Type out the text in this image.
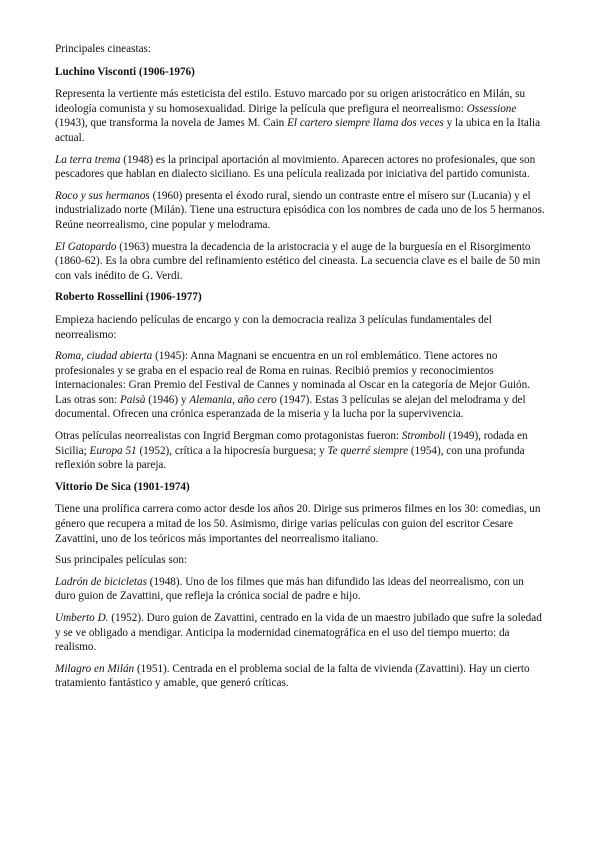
Principales cineastas:

Luchino Visconti (1906-1976)

Representa la vertiente más esteticista del estilo. Estuvo marcado por su origen aristocrático en Milán, su ideología comunista y su homosexualidad. Dirige la película que prefigura el neorrealismo: Ossessione (1943), que transforma la novela de James M. Cain El cartero siempre llama dos veces y la ubica en la Italia actual.

La terra trema (1948) es la principal aportación al movimiento. Aparecen actores no profesionales, que son pescadores que hablan en dialecto siciliano. Es una película realizada por iniciativa del partido comunista.

Roco y sus hermanos (1960) presenta el éxodo rural, siendo un contraste entre el mísero sur (Lucania) y el industrializado norte (Milán). Tiene una estructura episódica con los nombres de cada uno de los 5 hermanos. Reúne neorrealismo, cine popular y melodrama.

El Gatopardo (1963) muestra la decadencia de la aristocracia y el auge de la burguesía en el Risorgimento (1860-62). Es la obra cumbre del refinamiento estético del cineasta. La secuencia clave es el baile de 50 min con vals inédito de G. Verdi.

Roberto Rossellini (1906-1977)

Empieza haciendo películas de encargo y con la democracia realiza 3 películas fundamentales del neorrealismo:

Roma, ciudad abierta (1945): Anna Magnani se encuentra en un rol emblemático. Tiene actores no profesionales y se graba en el espacio real de Roma en ruinas. Recibió premios y reconocimientos internacionales: Gran Premio del Festival de Cannes y nominada al Oscar en la categoría de Mejor Guión. Las otras son: Paisà (1946) y Alemania, año cero (1947). Estas 3 películas se alejan del melodrama y del documental. Ofrecen una crónica esperanzada de la miseria y la lucha por la supervivencia.

Otras películas neorrealistas con Ingrid Bergman como protagonistas fueron: Stromboli (1949), rodada en Sicilia; Europa 51 (1952), crítica a la hipocresía burguesa; y Te querré siempre (1954), con una profunda reflexión sobre la pareja.

Vittorio De Sica (1901-1974)

Tiene una prolífica carrera como actor desde los años 20. Dirige sus primeros filmes en los 30: comedias, un género que recupera a mitad de los 50. Asimismo, dirige varias películas con guion del escritor Cesare Zavattini, uno de los teóricos más importantes del neorrealismo italiano.

Sus principales películas son:

Ladrón de bicicletas (1948). Uno de los filmes que más han difundido las ideas del neorrealismo, con un duro guion de Zavattini, que refleja la crónica social de padre e hijo.

Umberto D. (1952). Duro guion de Zavattini, centrado en la vida de un maestro jubilado que sufre la soledad y se ve obligado a mendigar. Anticipa la modernidad cinematográfica en el uso del tiempo muerto: da realismo.

Milagro en Milán (1951). Centrada en el problema social de la falta de vivienda (Zavattini). Hay un cierto tratamiento fantástico y amable, que generó críticas.
